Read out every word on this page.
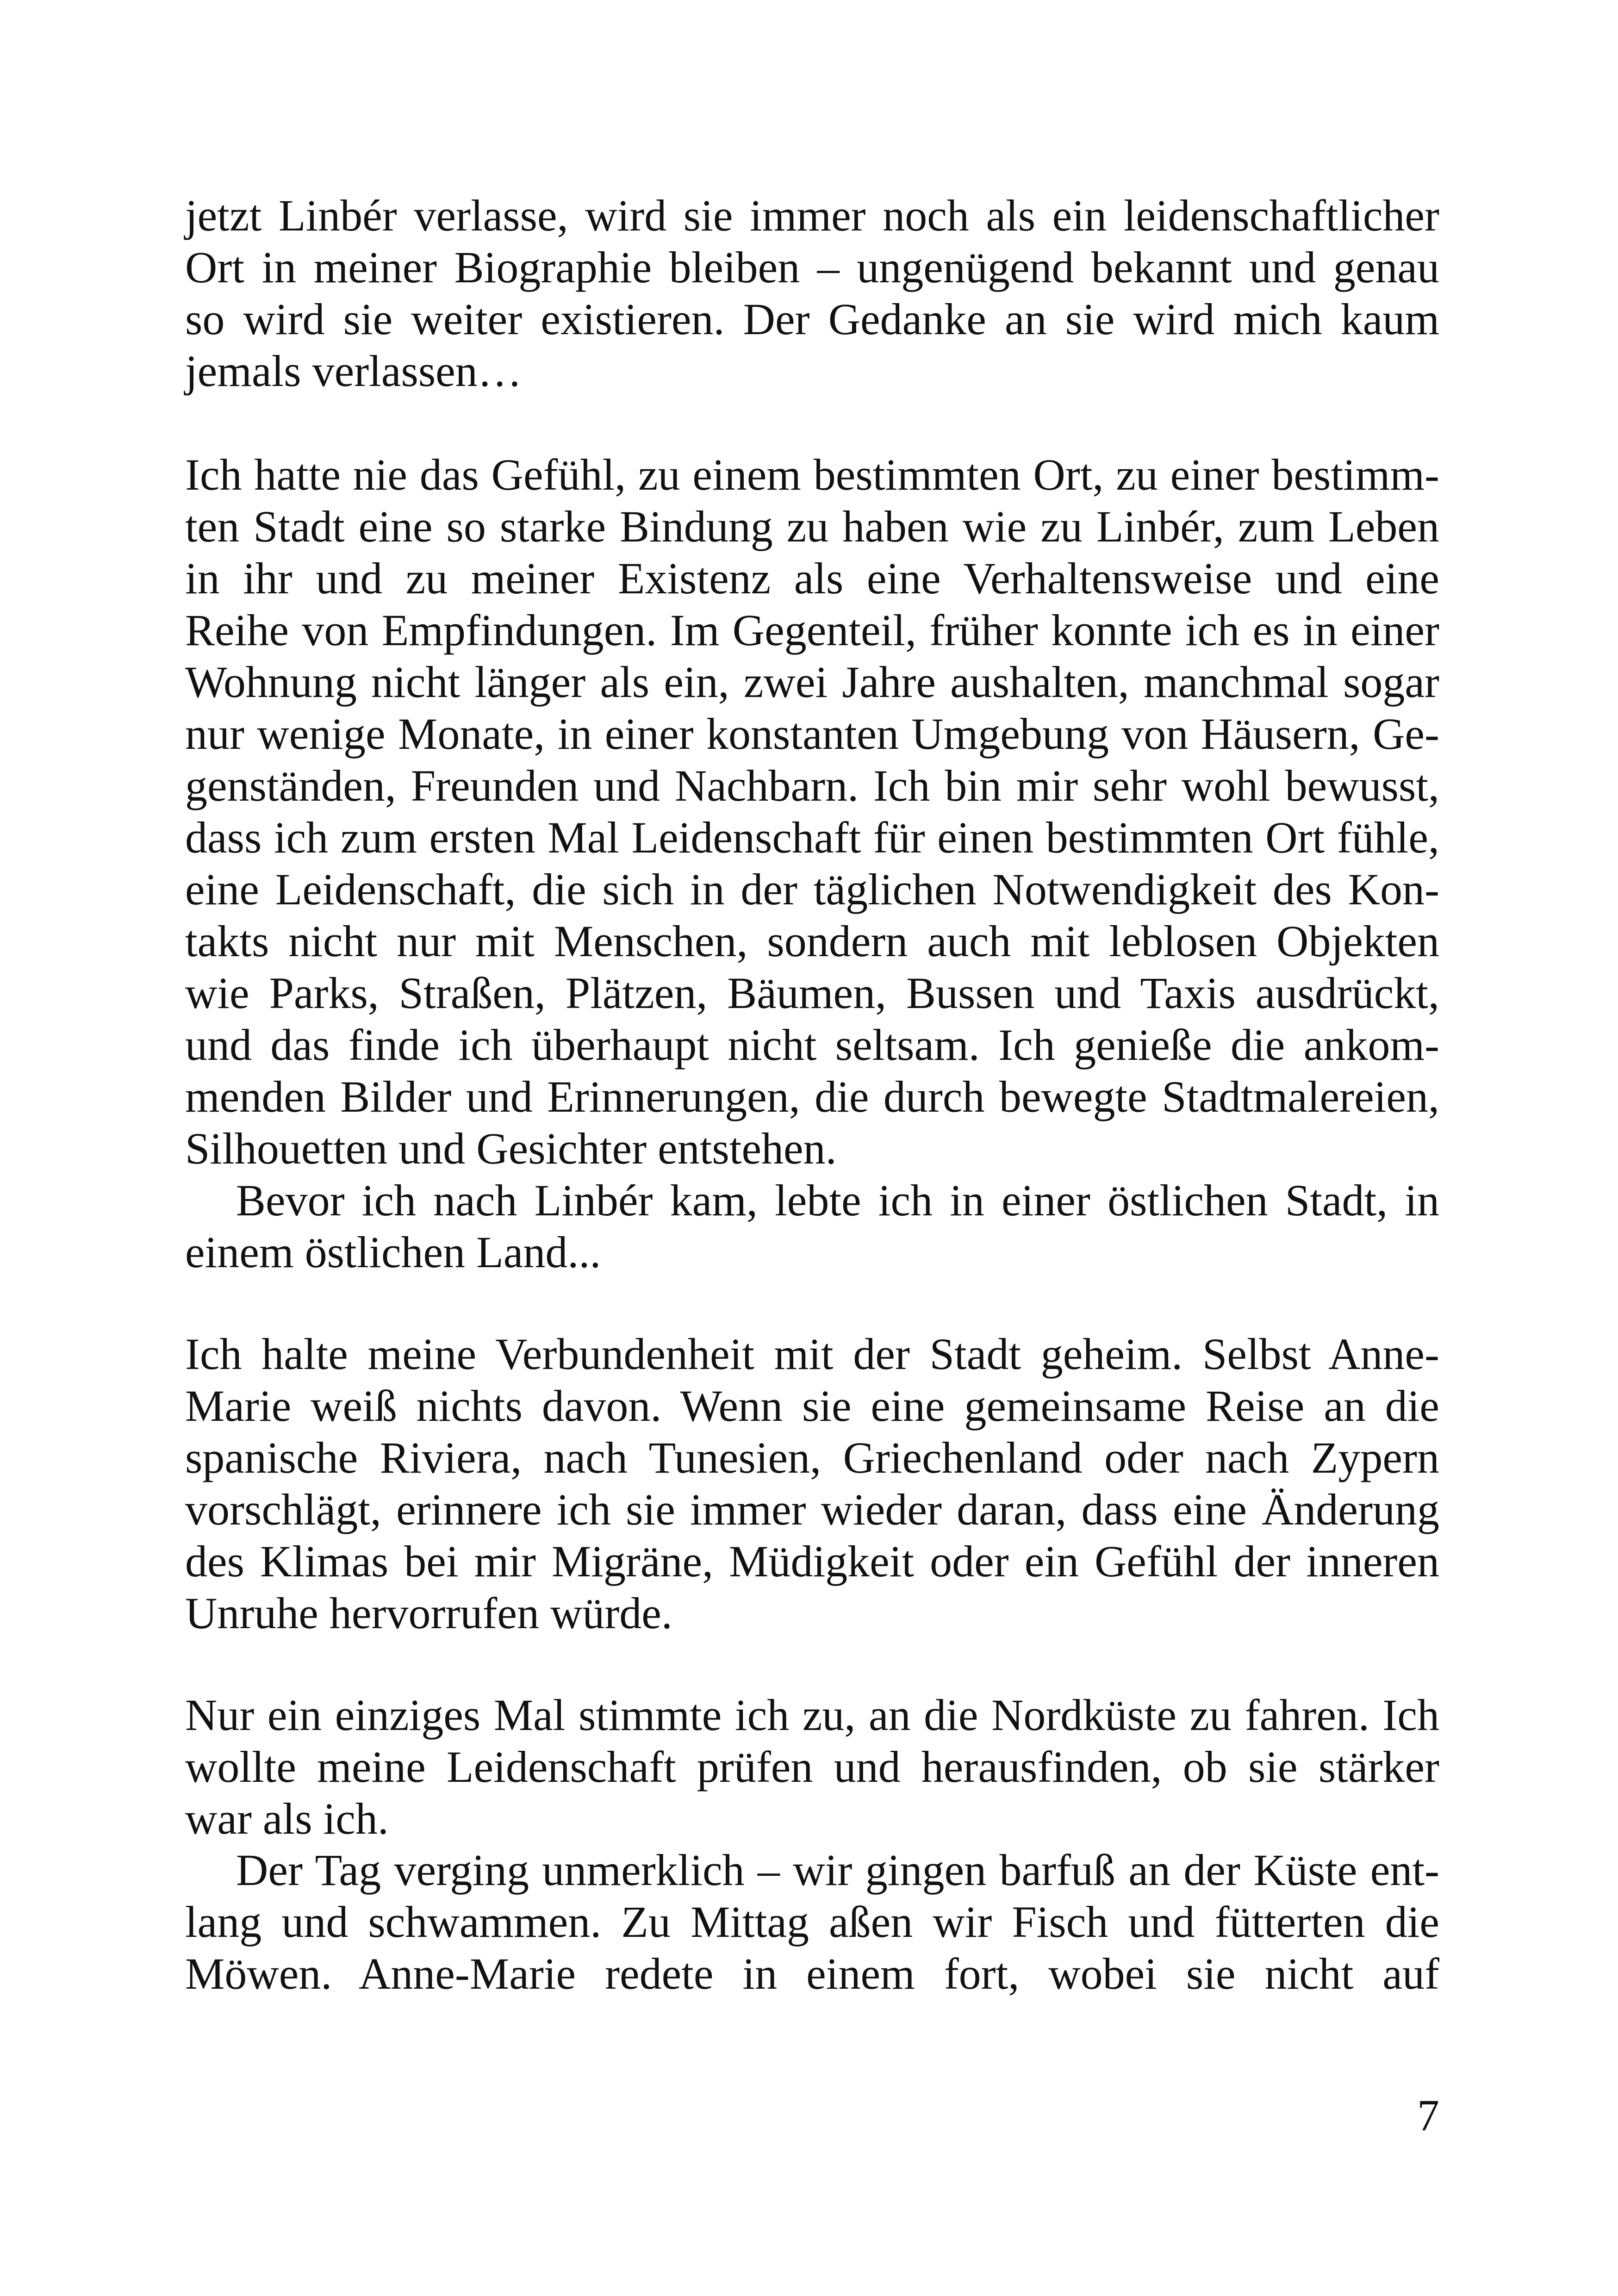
jetzt Linbér verlasse, wird sie immer noch als ein leidenschaftlicher
Ort in meiner Biographie bleiben – ungenügend bekannt und genau
so wird sie weiter existieren. Der Gedanke an sie wird mich kaum
jemals verlassen…
Ich hatte nie das Gefühl, zu einem bestimmten Ort, zu einer bestimm-
ten Stadt eine so starke Bindung zu haben wie zu Linbér, zum Leben
in ihr und zu meiner Existenz als eine Verhaltensweise und eine
Reihe von Empfindungen. Im Gegenteil, früher konnte ich es in einer
Wohnung nicht länger als ein, zwei Jahre aushalten, manchmal sogar
nur wenige Monate, in einer konstanten Umgebung von Häusern, Ge-
genständen, Freunden und Nachbarn. Ich bin mir sehr wohl bewusst,
dass ich zum ersten Mal Leidenschaft für einen bestimmten Ort fühle,
eine Leidenschaft, die sich in der täglichen Notwendigkeit des Kon-
takts nicht nur mit Menschen, sondern auch mit leblosen Objekten
wie Parks, Straßen, Plätzen, Bäumen, Bussen und Taxis ausdrückt,
und das finde ich überhaupt nicht seltsam. Ich genieße die ankom-
menden Bilder und Erinnerungen, die durch bewegte Stadtmalereien,
Silhouetten und Gesichter entstehen.
Bevor ich nach Linbér kam, lebte ich in einer östlichen Stadt, in
einem östlichen Land...
Ich halte meine Verbundenheit mit der Stadt geheim. Selbst Anne-
Marie weiß nichts davon. Wenn sie eine gemeinsame Reise an die
spanische Riviera, nach Tunesien, Griechenland oder nach Zypern
vorschlägt, erinnere ich sie immer wieder daran, dass eine Änderung
des Klimas bei mir Migräne, Müdigkeit oder ein Gefühl der inneren
Unruhe hervorrufen würde.
Nur ein einziges Mal stimmte ich zu, an die Nordküste zu fahren. Ich
wollte meine Leidenschaft prüfen und herausfinden, ob sie stärker
war als ich.
Der Tag verging unmerklich – wir gingen barfuß an der Küste ent-
lang und schwammen. Zu Mittag aßen wir Fisch und fütterten die
Möwen. Anne-Marie redete in einem fort, wobei sie nicht auf
7
